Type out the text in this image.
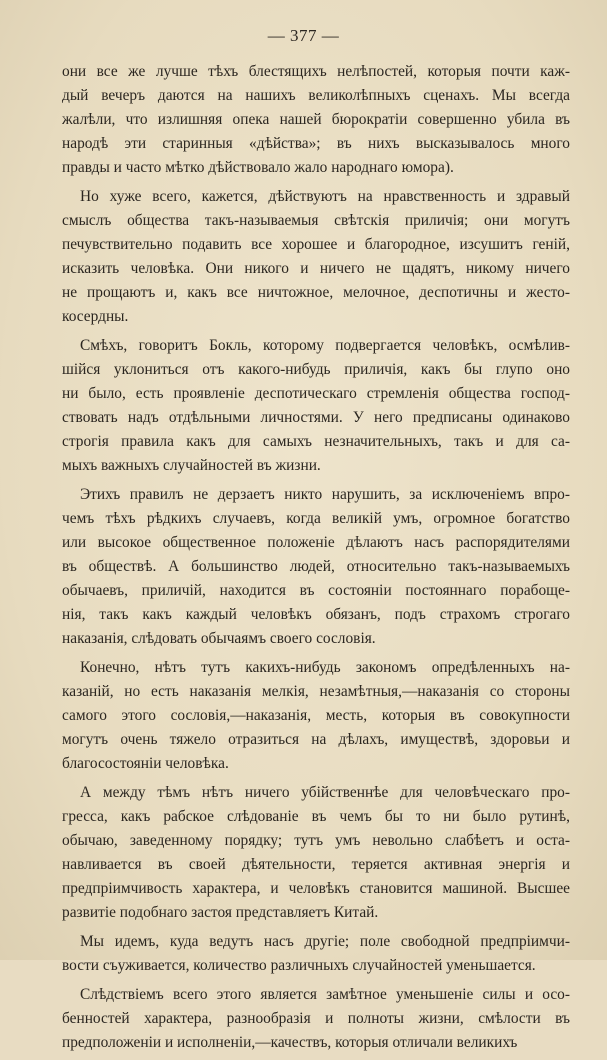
— 377 —
они все же лучше тѣхъ блестящихъ нелѣпостей, которыя почти каж-
дый вечеръ даются на нашихъ великолѣпныхъ сценахъ. Мы всегда
жалѣли, что излишняя опека нашей бюрократіи совершенно убила въ
народѣ эти старинныя «дѣйства»; въ нихъ высказывалось много
правды и часто мѣтко дѣйствовало жало народнаго юмора).
Но хуже всего, кажется, дѣйствуютъ на нравственность и здравый
смыслъ общества такъ-называемыя свѣтскія приличія; они могутъ
печувствительно подавить все хорошее и благородное, изсушитъ геній,
исказить человѣка. Они никого и ничего не щадятъ, никому ничего
не прощаютъ и, какъ все ничтожное, мелочное, деспотичны и жесто-
косердны.
Смѣхъ, говоритъ Бокль, которому подвергается человѣкъ, осмѣлив-
шійся уклониться отъ какого-нибудь приличія, какъ бы глупо оно
ни было, есть проявленіе деспотическаго стремленія общества господ-
ствовать надъ отдѣльными личностями. У него предписаны одинаково
строгія правила какъ для самыхъ незначительныхъ, такъ и для са-
мыхъ важныхъ случайностей въ жизни.
Этихъ правилъ не дерзаетъ никто нарушить, за исключеніемъ впро-
чемъ тѣхъ рѣдкихъ случаевъ, когда великій умъ, огромное богатство
или высокое общественное положеніе дѣлаютъ насъ распорядителями
въ обществѣ. А большинство людей, относительно такъ-называемыхъ
обычаевъ, приличій, находится въ состояніи постояннаго порабоще-
нія, такъ какъ каждый человѣкъ обязанъ, подъ страхомъ строгаго
наказанія, слѣдовать обычаямъ своего сословія.
Конечно, нѣтъ тутъ какихъ-нибудь закономъ опредѣленныхъ на-
казаній, но есть наказанія мелкія, незамѣтныя,—наказанія со стороны
самого этого сословія,—наказанія, месть, которыя въ совокупности
могутъ очень тяжело отразиться на дѣлахъ, имуществѣ, здоровьи и
благосостояніи человѣка.
А между тѣмъ нѣтъ ничего убійственнѣе для человѣческаго про-
гресса, какъ рабское слѣдованіе въ чемъ бы то ни было рутинѣ,
обычаю, заведенному порядку; тутъ умъ невольно слабѣетъ и оста-
навливается въ своей дѣятельности, теряется активная энергія и
предпріимчивость характера, и человѣкъ становится машиной. Высшее
развитіе подобнаго застоя представляетъ Китай.
Мы идемъ, куда ведутъ насъ другіе; поле свободной предпріимчи-
вости съуживается, количество различныхъ случайностей уменьшается.
Слѣдствіемъ всего этого является замѣтное уменьшеніе силы и осо-
бенностей характера, разнообразія и полноты жизни, смѣлости въ
предположеніи и исполненіи,—качествъ, которыя отличали великихъ
